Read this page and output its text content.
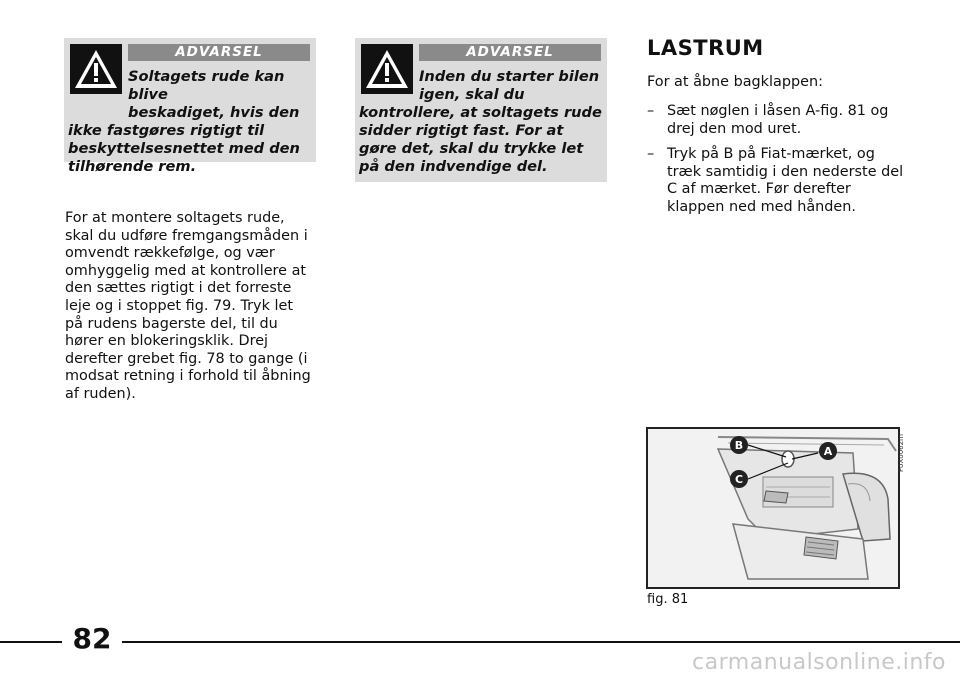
ADVARSEL
Soltagets rude kan blive
beskadiget, hvis den
ikke fastgøres rigtigt til beskyttelsesnettet med den tilhørende rem.
ADVARSEL
Inden du starter bilen
igen, skal du
kontrollere, at soltagets rude sidder rigtigt fast. For at gøre det, skal du trykke let på den indvendige del.
For at montere soltagets rude, skal du udføre fremgangsmåden i omvendt rækkefølge, og vær omhyggelig med at kontrollere at den sættes rigtigt i det forreste leje og i stoppet fig. 79. Tryk let på rudens bagerste del, til du hører en blokeringsklik. Drej derefter grebet fig. 78 to gange (i modsat retning i forhold til åbning af ruden).
LASTRUM
For at åbne bagklappen:
– Sæt nøglen i låsen A-fig. 81 og drej den mod uret.
– Tryk på B på Fiat-mærket, og træk samtidig i den nederste del C af mærket. Før derefter klappen ned med hånden.
B
C
A	F0X0062m
fig. 81
82
carmanualsonline.info
